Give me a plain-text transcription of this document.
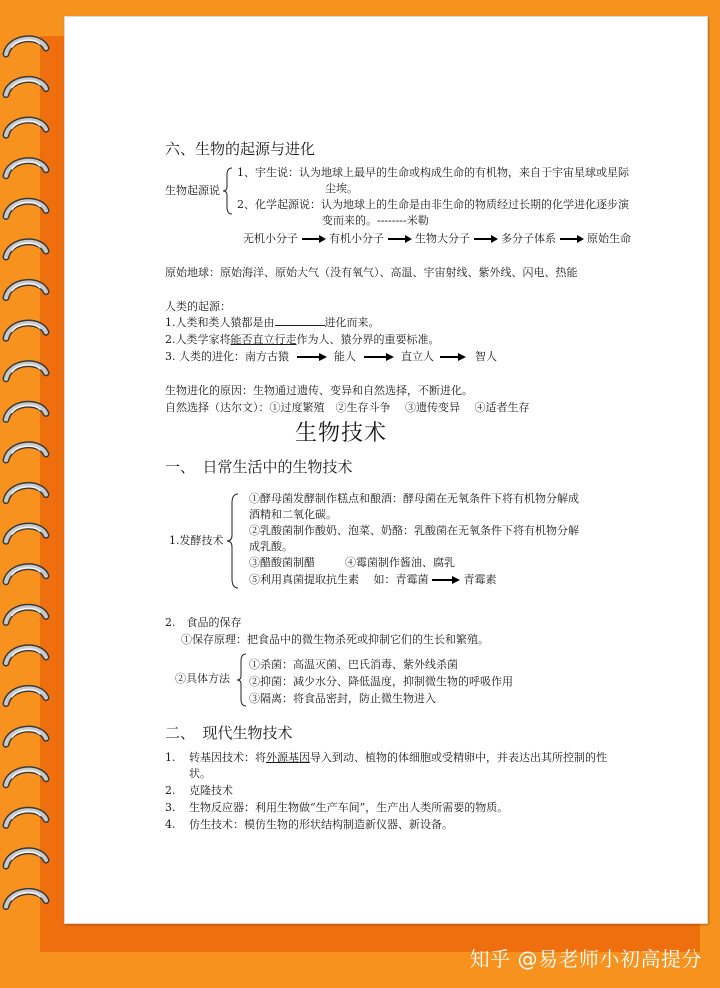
六、生物的起源与进化
生物起源说
1、宇生说：认为地球上最早的生命或构成生命的有机物，来自于宇宙星球或星际
尘埃。
2、化学起源说：认为地球上的生命是由非生命的物质经过长期的化学进化逐步演
变而来的。--------米勒
无机小分子	有机小分子	生物大分子	多分子体系	原始生命
原始地球：原始海洋、原始大气（没有氧气）、高温、宇宙射线、紫外线、闪电、热能
人类的起源：
1.人类和类人猿都是由	进化而来。
2.人类学家将能否直立行走作为人、猿分界的重要标准。
3. 人类的进化：南方古猿	能人	直立人	智人
生物进化的原因：生物通过遗传、变异和自然选择，不断进化。
自然选择（达尔文）：①过度繁殖　②生存斗争　 ③遗传变异　 ④适者生存
生物技术
一、　日常生活中的生物技术
1.发酵技术
①酵母菌发酵制作糕点和酿酒：酵母菌在无氧条件下将有机物分解成
酒精和二氧化碳。
②乳酸菌制作酸奶、泡菜、奶酪：乳酸菌在无氧条件下将有机物分解
成乳酸。
③醋酸菌制醋	④霉菌制作酱油、腐乳
⑤利用真菌提取抗生素　 如：青霉菌	青霉素
2.　食品的保存
①保存原理：把食品中的微生物杀死或抑制它们的生长和繁殖。
②具体方法
①杀菌：高温灭菌、巴氏消毒、紫外线杀菌
②抑菌：减少水分、降低温度，抑制微生物的呼吸作用
③隔离：将食品密封，防止微生物进入
二、　现代生物技术
1. 转基因技术：将外源基因导入到动、植物的体细胞或受精卵中，并表达出其所控制的性
状。
2. 克隆技术
3. 生物反应器：利用生物做“生产车间”，生产出人类所需要的物质。
4. 仿生技术：模仿生物的形状结构制造新仪器、新设备。
知乎 @易老师小初高提分
